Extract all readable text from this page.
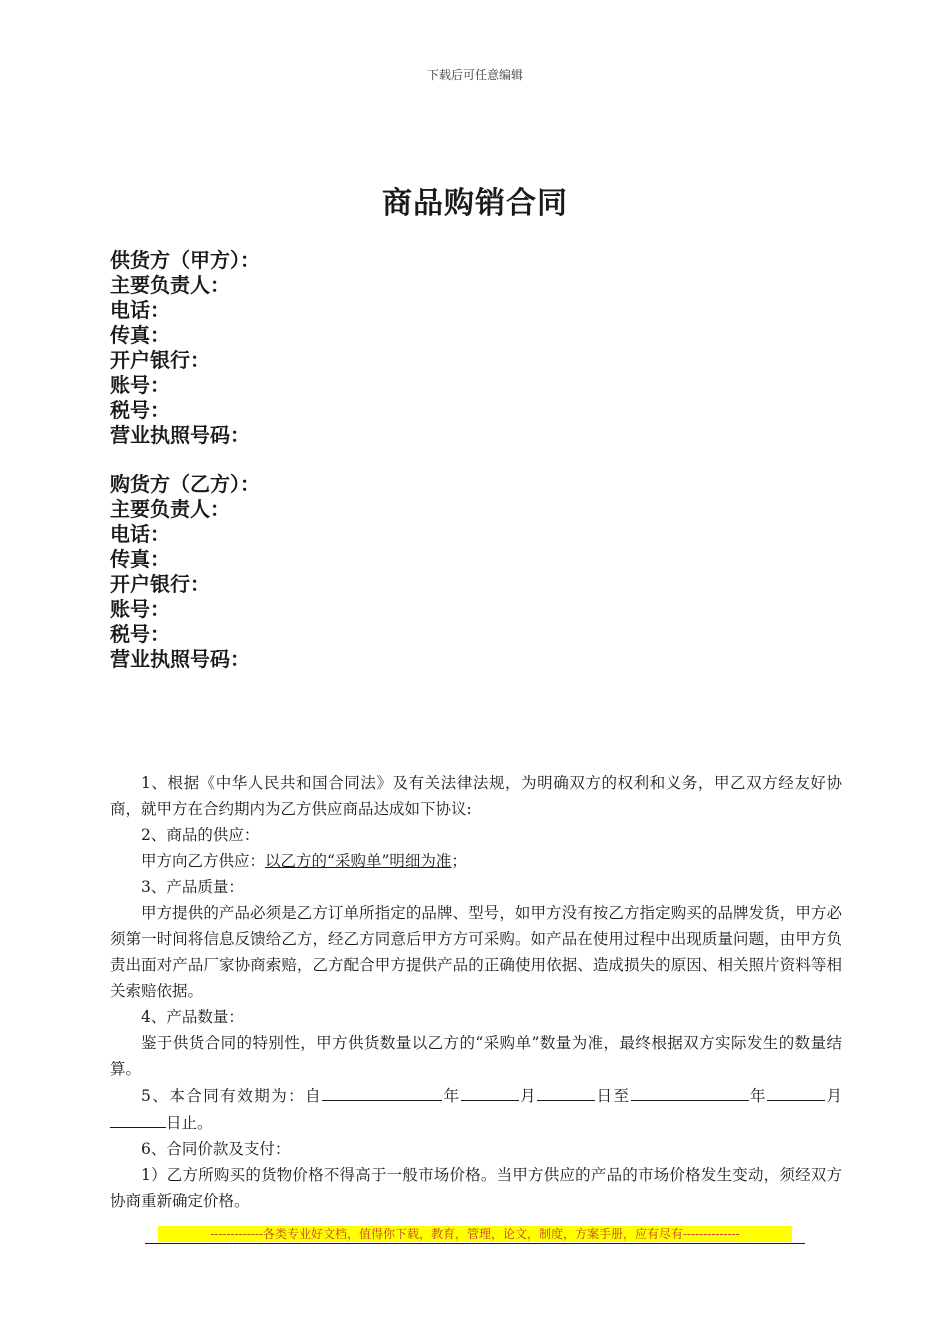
下载后可任意编辑
商品购销合同
供货方（甲方）：
主要负责人：
电话：
传真：
开户银行：
账号：
税号：
营业执照号码：
购货方（乙方）：
主要负责人：
电话：
传真：
开户银行：
账号：
税号：
营业执照号码：

1、根据《中华人民共和国合同法》及有关法律法规，为明确双方的权利和义务，甲乙双方经友好协商，就甲方在合约期内为乙方供应商品达成如下协议:

2、商品的供应：

甲方向乙方供应：以乙方的“采购单”明细为准；

3、产品质量：

甲方提供的产品必须是乙方订单所指定的品牌、型号，如甲方没有按乙方指定购买的品牌发货，甲方必须第一时间将信息反馈给乙方，经乙方同意后甲方方可采购。如产品在使用过程中出现质量问题，由甲方负责出面对产品厂家协商索赔，乙方配合甲方提供产品的正确使用依据、造成损失的原因、相关照片资料等相关索赔依据。

4、产品数量：

鉴于供货合同的特别性，甲方供货数量以乙方的“采购单”数量为准，最终根据双方实际发生的数量结算。

5、本合同有效期为：自	年	月	日至	年	月日止。

6、合同价款及支付：

1）乙方所购买的货物价格不得高于一般市场价格。当甲方供应的产品的市场价格发生变动，须经双方协商重新确定价格。

-------------各类专业好文档，值得你下载，教育，管理，论文，制度，方案手册，应有尽有--------------
